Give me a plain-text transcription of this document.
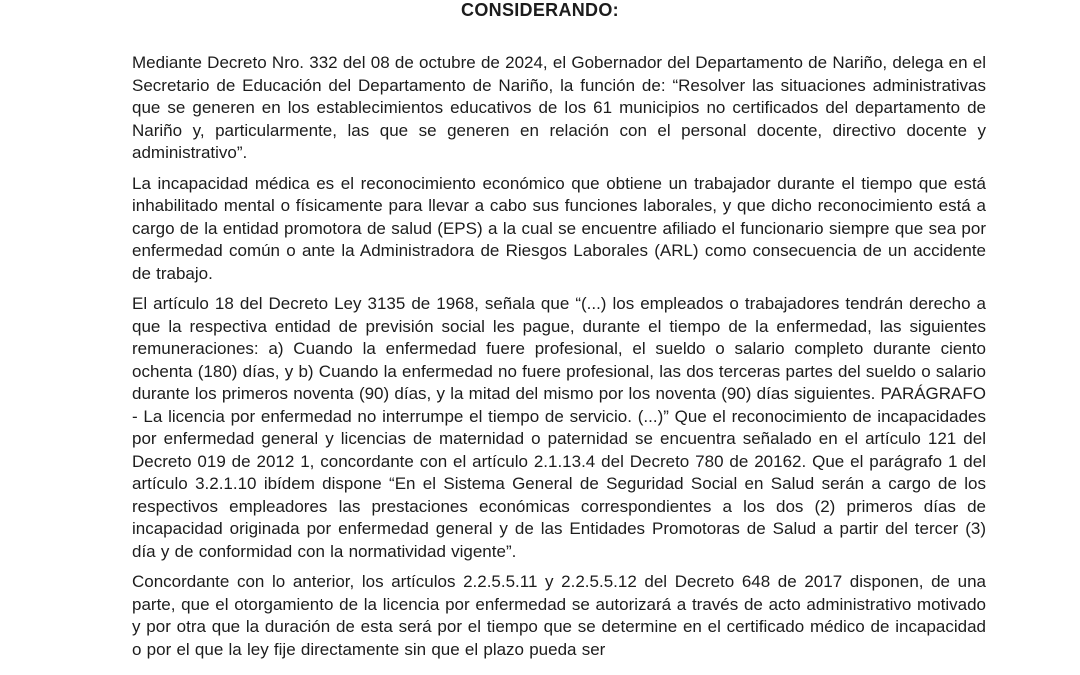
CONSIDERANDO:

Mediante Decreto Nro. 332 del 08 de octubre de 2024, el Gobernador del Departamento de Nariño, delega en el Secretario de Educación del Departamento de Nariño, la función de: “Resolver las situaciones administrativas que se generen en los establecimientos educativos de los 61 municipios no certificados del departamento de Nariño y, particularmente, las que se generen en relación con el personal docente, directivo docente y administrativo”.

La incapacidad médica es el reconocimiento económico que obtiene un trabajador durante el tiempo que está inhabilitado mental o físicamente para llevar a cabo sus funciones laborales, y que dicho reconocimiento está a cargo de la entidad promotora de salud (EPS) a la cual se encuentre afiliado el funcionario siempre que sea por enfermedad común o ante la Administradora de Riesgos Laborales (ARL) como consecuencia de un accidente de trabajo.

El artículo 18 del Decreto Ley 3135 de 1968, señala que “(...) los empleados o trabajadores tendrán derecho a que la respectiva entidad de previsión social les pague, durante el tiempo de la enfermedad, las siguientes remuneraciones: a) Cuando la enfermedad fuere profesional, el sueldo o salario completo durante ciento ochenta (180) días, y b) Cuando la enfermedad no fuere profesional, las dos terceras partes del sueldo o salario durante los primeros noventa (90) días, y la mitad del mismo por los noventa (90) días siguientes. PARÁGRAFO - La licencia por enfermedad no interrumpe el tiempo de servicio. (...)” Que el reconocimiento de incapacidades por enfermedad general y licencias de maternidad o paternidad se encuentra señalado en el artículo 121 del Decreto 019 de 2012 1, concordante con el artículo 2.1.13.4 del Decreto 780 de 20162. Que el parágrafo 1 del artículo 3.2.1.10 ibídem dispone “En el Sistema General de Seguridad Social en Salud serán a cargo de los respectivos empleadores las prestaciones económicas correspondientes a los dos (2) primeros días de incapacidad originada por enfermedad general y de las Entidades Promotoras de Salud a partir del tercer (3) día y de conformidad con la normatividad vigente”.

Concordante con lo anterior, los artículos 2.2.5.5.11 y 2.2.5.5.12 del Decreto 648 de 2017 disponen, de una parte, que el otorgamiento de la licencia por enfermedad se autorizará a través de acto administrativo motivado y por otra que la duración de esta será por el tiempo que se determine en el certificado médico de incapacidad o por el que la ley fije directamente sin que el plazo pueda ser
